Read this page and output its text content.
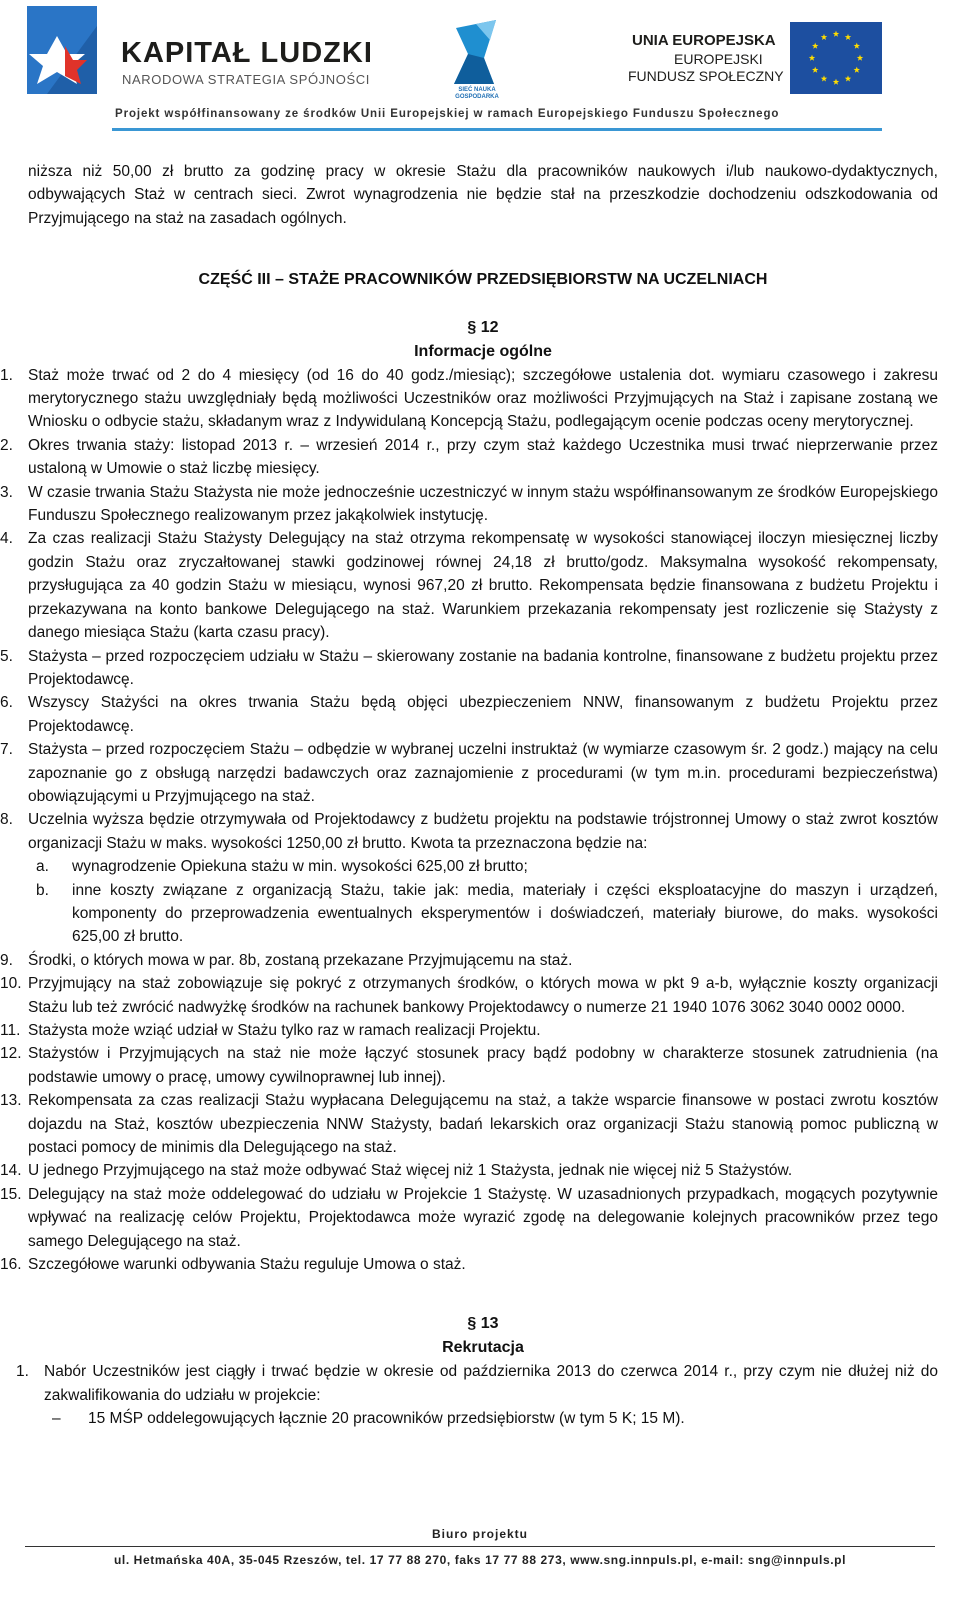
KAPITAŁ LUDZKI
NARODOWA STRATEGIA SPÓJNOŚCI
SIEĆ NAUKA GOSPODARKA
UNIA EUROPEJSKA
EUROPEJSKI
FUNDUSZ SPOŁECZNY
Projekt współfinansowany ze środków Unii Europejskiej w ramach Europejskiego Funduszu Społecznego

niższa niż 50,00 zł brutto za godzinę pracy w okresie Stażu dla pracowników naukowych i/lub naukowo-dydaktycznych, odbywających Staż w centrach sieci. Zwrot wynagrodzenia nie będzie stał na przeszkodzie dochodzeniu odszkodowania od Przyjmującego na staż na zasadach ogólnych.

CZĘŚĆ III – STAŻE PRACOWNIKÓW PRZEDSIĘBIORSTW NA UCZELNIACH
§ 12
Informacje ogólne
1. Staż może trwać od 2 do 4 miesięcy (od 16 do 40 godz./miesiąc); szczegółowe ustalenia dot. wymiaru czasowego i zakresu merytorycznego stażu uwzględniały będą możliwości Uczestników oraz możliwości Przyjmujących na Staż i zapisane zostaną we Wniosku o odbycie stażu, składanym wraz z Indywidulaną Koncepcją Stażu, podlegającym ocenie podczas oceny merytorycznej.
2. Okres trwania staży: listopad 2013 r. – wrzesień 2014 r., przy czym staż każdego Uczestnika musi trwać nieprzerwanie przez ustaloną w Umowie o staż liczbę miesięcy.
3. W czasie trwania Stażu Stażysta nie może jednocześnie uczestniczyć w innym stażu współfinansowanym ze środków Europejskiego Funduszu Społecznego realizowanym przez jakąkolwiek instytucję.
4. Za czas realizacji Stażu Stażysty Delegujący na staż otrzyma rekompensatę w wysokości stanowiącej iloczyn miesięcznej liczby godzin Stażu oraz zryczałtowanej stawki godzinowej równej 24,18 zł brutto/godz. Maksymalna wysokość rekompensaty, przysługująca za 40 godzin Stażu w miesiącu, wynosi 967,20 zł brutto. Rekompensata będzie finansowana z budżetu Projektu i przekazywana na konto bankowe Delegującego na staż. Warunkiem przekazania rekompensaty jest rozliczenie się Stażysty z danego miesiąca Stażu (karta czasu pracy).
5. Stażysta – przed rozpoczęciem udziału w Stażu – skierowany zostanie na badania kontrolne, finansowane z budżetu projektu przez Projektodawcę.
6. Wszyscy Stażyści na okres trwania Stażu będą objęci ubezpieczeniem NNW, finansowanym z budżetu Projektu przez Projektodawcę.
7. Stażysta – przed rozpoczęciem Stażu – odbędzie w wybranej uczelni instruktaż (w wymiarze czasowym śr. 2 godz.) mający na celu zapoznanie go z obsługą narzędzi badawczych oraz zaznajomienie z procedurami (w tym m.in. procedurami bezpieczeństwa) obowiązującymi u Przyjmującego na staż.
8. Uczelnia wyższa będzie otrzymywała od Projektodawcy z budżetu projektu na podstawie trójstronnej Umowy o staż zwrot kosztów organizacji Stażu w maks. wysokości 1250,00 zł brutto. Kwota ta przeznaczona będzie na:
a. wynagrodzenie Opiekuna stażu w min. wysokości 625,00 zł brutto;
b. inne koszty związane z organizacją Stażu, takie jak: media, materiały i części eksploatacyjne do maszyn i urządzeń, komponenty do przeprowadzenia ewentualnych eksperymentów i doświadczeń, materiały biurowe, do maks. wysokości 625,00 zł brutto.
9. Środki, o których mowa w par. 8b, zostaną przekazane Przyjmującemu na staż.
10. Przyjmujący na staż zobowiązuje się pokryć z otrzymanych środków, o których mowa w pkt 9 a-b, wyłącznie koszty organizacji Stażu lub też zwrócić nadwyżkę środków na rachunek bankowy Projektodawcy o numerze 21 1940 1076 3062 3040 0002 0000.
11. Stażysta może wziąć udział w Stażu tylko raz w ramach realizacji Projektu.
12. Stażystów i Przyjmujących na staż nie może łączyć stosunek pracy bądź podobny w charakterze stosunek zatrudnienia (na podstawie umowy o pracę, umowy cywilnoprawnej lub innej).
13. Rekompensata za czas realizacji Stażu wypłacana Delegującemu na staż, a także wsparcie finansowe w postaci zwrotu kosztów dojazdu na Staż, kosztów ubezpieczenia NNW Stażysty, badań lekarskich oraz organizacji Stażu stanowią pomoc publiczną w postaci pomocy de minimis dla Delegującego na staż.
14. U jednego Przyjmującego na staż może odbywać Staż więcej niż 1 Stażysta, jednak nie więcej niż 5 Stażystów.
15. Delegujący na staż może oddelegować do udziału w Projekcie 1 Stażystę. W uzasadnionych przypadkach, mogących pozytywnie wpływać na realizację celów Projektu, Projektodawca może wyrazić zgodę na delegowanie kolejnych pracowników przez tego samego Delegującego na staż.
16. Szczegółowe warunki odbywania Stażu reguluje Umowa o staż.
§ 13
Rekrutacja
1. Nabór Uczestników jest ciągły i trwać będzie w okresie od października 2013 do czerwca 2014 r., przy czym nie dłużej niż do zakwalifikowania do udziału w projekcie:
– 15 MŚP oddelegowujących łącznie 20 pracowników przedsiębiorstw (w tym 5 K; 15 M).
Biuro projektu
ul. Hetmańska 40A, 35-045 Rzeszów, tel. 17 77 88 270, faks 17 77 88 273, www.sng.innpuls.pl, e-mail: sng@innpuls.pl
